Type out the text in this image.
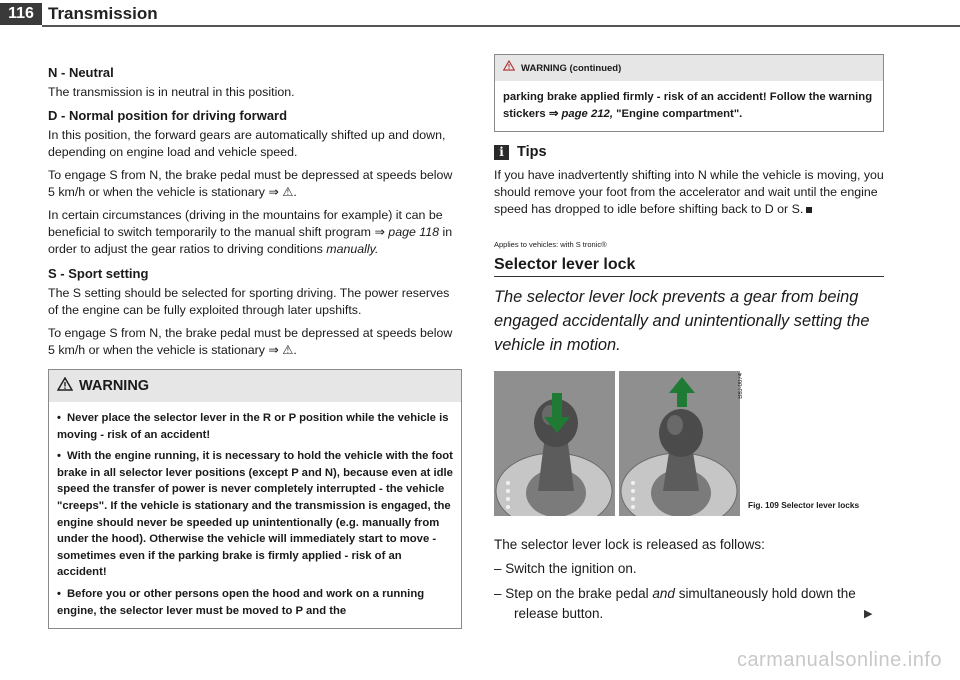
116 Transmission
N - Neutral

The transmission is in neutral in this position.

D - Normal position for driving forward

In this position, the forward gears are automatically shifted up and down, depending on engine load and vehicle speed.

To engage S from N, the brake pedal must be depressed at speeds below 5 km/h or when the vehicle is stationary ⇒ ⚠.

In certain circumstances (driving in the mountains for example) it can be beneficial to switch temporarily to the manual shift program ⇒ page 118 in order to adjust the gear ratios to driving conditions manually.

S - Sport setting

The S setting should be selected for sporting driving. The power reserves of the engine can be fully exploited through later upshifts.

To engage S from N, the brake pedal must be depressed at speeds below 5 km/h or when the vehicle is stationary ⇒ ⚠.

WARNING

• Never place the selector lever in the R or P position while the vehicle is moving - risk of an accident!

• With the engine running, it is necessary to hold the vehicle with the foot brake in all selector lever positions (except P and N), because even at idle speed the transfer of power is never completely interrupted - the vehicle "creeps". If the vehicle is stationary and the transmission is engaged, the engine should never be speeded up unintentionally (e.g. manually from under the hood). Otherwise the vehicle will immediately start to move - sometimes even if the parking brake is firmly applied - risk of an accident!

• Before you or other persons open the hood and work on a running engine, the selector lever must be moved to P and the

WARNING (continued)

parking brake applied firmly - risk of an accident! Follow the warning stickers ⇒ page 212, "Engine compartment".

i Tips

If you have inadvertently shifting into N while the vehicle is moving, you should remove your foot from the accelerator and wait until the engine speed has dropped to idle before shifting back to D or S.

Applies to vehicles: with S tronic®
Selector lever lock
The selector lever lock prevents a gear from being engaged accidentally and unintentionally setting the vehicle in motion.
B8J-0074
Fig. 109 Selector lever locks
The selector lever lock is released as follows:
– Switch the ignition on.
– Step on the brake pedal and simultaneously hold down the release button.	▶
carmanualsonline.info
